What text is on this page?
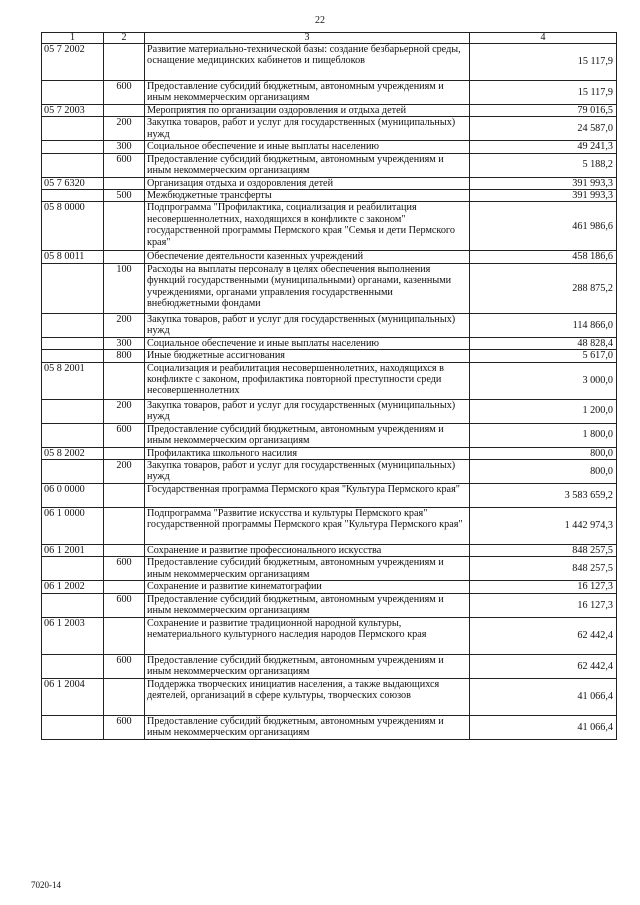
22
1	2	3	4
05 7 2002		Развитие материально-технической базы: создание безбарьерной среды, оснащение медицинских кабинетов и пищеблоков	15 117,9
	600	Предоставление субсидий бюджетным, автономным учреждениям и иным некоммерческим организациям	15 117,9
05 7 2003		Мероприятия по организации оздоровления и отдыха детей	79 016,5
	200	Закупка товаров, работ и услуг для государственных (муниципальных) нужд	24 587,0
	300	Социальное обеспечение и иные выплаты населению	49 241,3
	600	Предоставление субсидий бюджетным, автономным учреждениям и иным некоммерческим организациям	5 188,2
05 7 6320		Организация отдыха и оздоровления детей	391 993,3
	500	Межбюджетные трансферты	391 993,3
05 8 0000		Подпрограмма "Профилактика, социализация и реабилитация несовершеннолетних, находящихся в конфликте с законом" государственной программы Пермского края "Семья и дети Пермского края"	461 986,6
05 8 0011		Обеспечение деятельности казенных учреждений	458 186,6
	100	Расходы на выплаты персоналу в целях обеспечения выполнения функций государственными (муниципальными) органами, казенными учреждениями, органами управления государственными внебюджетными фондами	288 875,2
	200	Закупка товаров, работ и услуг для государственных (муниципальных) нужд	114 866,0
	300	Социальное обеспечение и иные выплаты населению	48 828,4
	800	Иные бюджетные ассигнования	5 617,0
05 8 2001		Социализация и реабилитация несовершеннолетних, находящихся в конфликте с законом, профилактика повторной преступности среди несовершеннолетних	3 000,0
	200	Закупка товаров, работ и услуг для государственных (муниципальных) нужд	1 200,0
	600	Предоставление субсидий бюджетным, автономным учреждениям и иным некоммерческим организациям	1 800,0
05 8 2002		Профилактика школьного насилия	800,0
	200	Закупка товаров, работ и услуг для государственных (муниципальных) нужд	800,0
06 0 0000		Государственная программа Пермского края "Культура Пермского края"	3 583 659,2
06 1 0000		Подпрограмма "Развитие искусства и культуры Пермского края" государственной программы Пермского края "Культура Пермского края"	1 442 974,3
06 1 2001		Сохранение и развитие профессионального искусства	848 257,5
	600	Предоставление субсидий бюджетным, автономным учреждениям и иным некоммерческим организациям	848 257,5
06 1 2002		Сохранение и развитие кинематографии	16 127,3
	600	Предоставление субсидий бюджетным, автономным учреждениям и иным некоммерческим организациям	16 127,3
06 1 2003		Сохранение и развитие традиционной народной культуры, нематериального культурного наследия народов Пермского края	62 442,4
	600	Предоставление субсидий бюджетным, автономным учреждениям и иным некоммерческим организациям	62 442,4
06 1 2004		Поддержка творческих инициатив населения, а также выдающихся деятелей, организаций в сфере культуры, творческих союзов	41 066,4
	600	Предоставление субсидий бюджетным, автономным учреждениям и иным некоммерческим организациям	41 066,4
7020-14
